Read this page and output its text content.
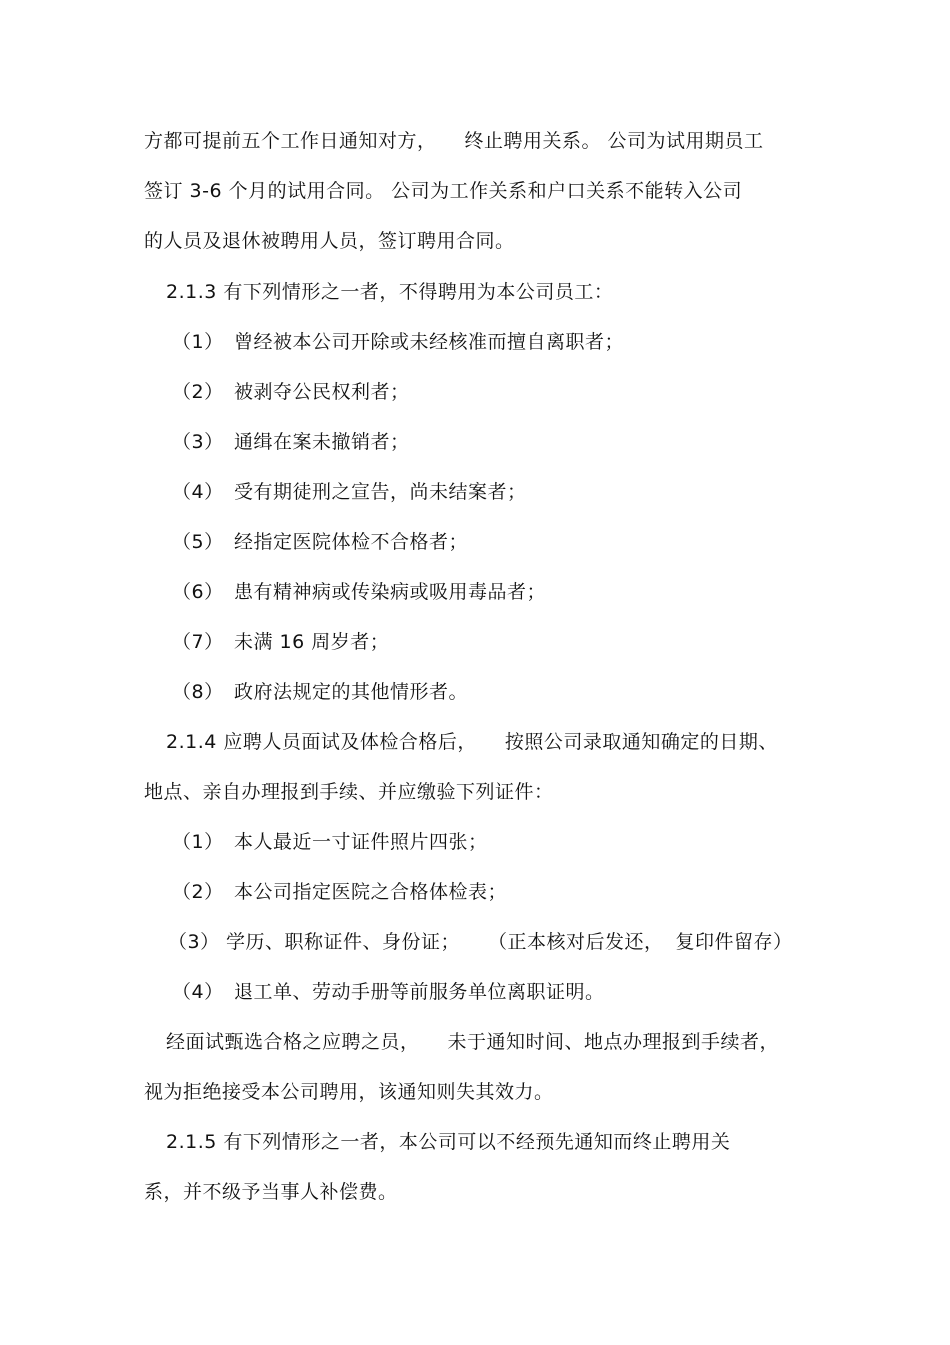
方都可提前五个工作日通知对方， 终止聘用关系。 公司为试用期员工
签订 3-6 个月的试用合同。 公司为工作关系和户口关系不能转入公司
的人员及退休被聘用人员，签订聘用合同。
2.1.3 有下列情形之一者，不得聘用为本公司员工：
（1） 曾经被本公司开除或未经核准而擅自离职者；
（2） 被剥夺公民权利者；
（3） 通缉在案未撤销者；
（4） 受有期徒刑之宣告，尚未结案者；
（5） 经指定医院体检不合格者；
（6） 患有精神病或传染病或吸用毒品者；
（7） 未满 16 周岁者；
（8） 政府法规定的其他情形者。
2.1.4 应聘人员面试及体检合格后， 按照公司录取通知确定的日期、
地点、亲自办理报到手续、并应缴验下列证件：
（1） 本人最近一寸证件照片四张；
（2） 本公司指定医院之合格体检表；
（3） 学历、职称证件、身份证； （正本核对后发还， 复印件留存）
（4） 退工单、劳动手册等前服务单位离职证明。
经面试甄选合格之应聘之员， 未于通知时间、地点办理报到手续者，
视为拒绝接受本公司聘用，该通知则失其效力。
2.1.5 有下列情形之一者，本公司可以不经预先通知而终止聘用关
系，并不级予当事人补偿费。
